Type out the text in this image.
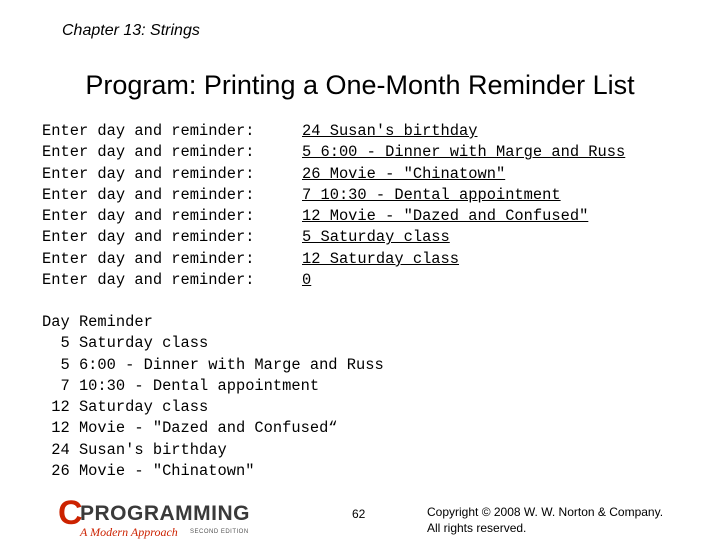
Chapter 13: Strings
Program: Printing a One-Month Reminder List
Enter day and reminder:	24 Susan's birthday
Enter day and reminder:	5 6:00 - Dinner with Marge and Russ
Enter day and reminder:	26 Movie - "Chinatown"
Enter day and reminder:	7 10:30 - Dental appointment
Enter day and reminder:	12 Movie - "Dazed and Confused"
Enter day and reminder:	5 Saturday class
Enter day and reminder:	12 Saturday class
Enter day and reminder:	0
Day Reminder
5 Saturday class
5 6:00 - Dinner with Marge and Russ
7 10:30 - Dental appointment
12 Saturday class
12 Movie - "Dazed and Confused“
24 Susan's birthday
26 Movie - "Chinatown"
C
PROGRAMMING
A Modern Approach SECOND EDITION
62	Copyright © 2008 W. W. Norton & Company.
All rights reserved.
